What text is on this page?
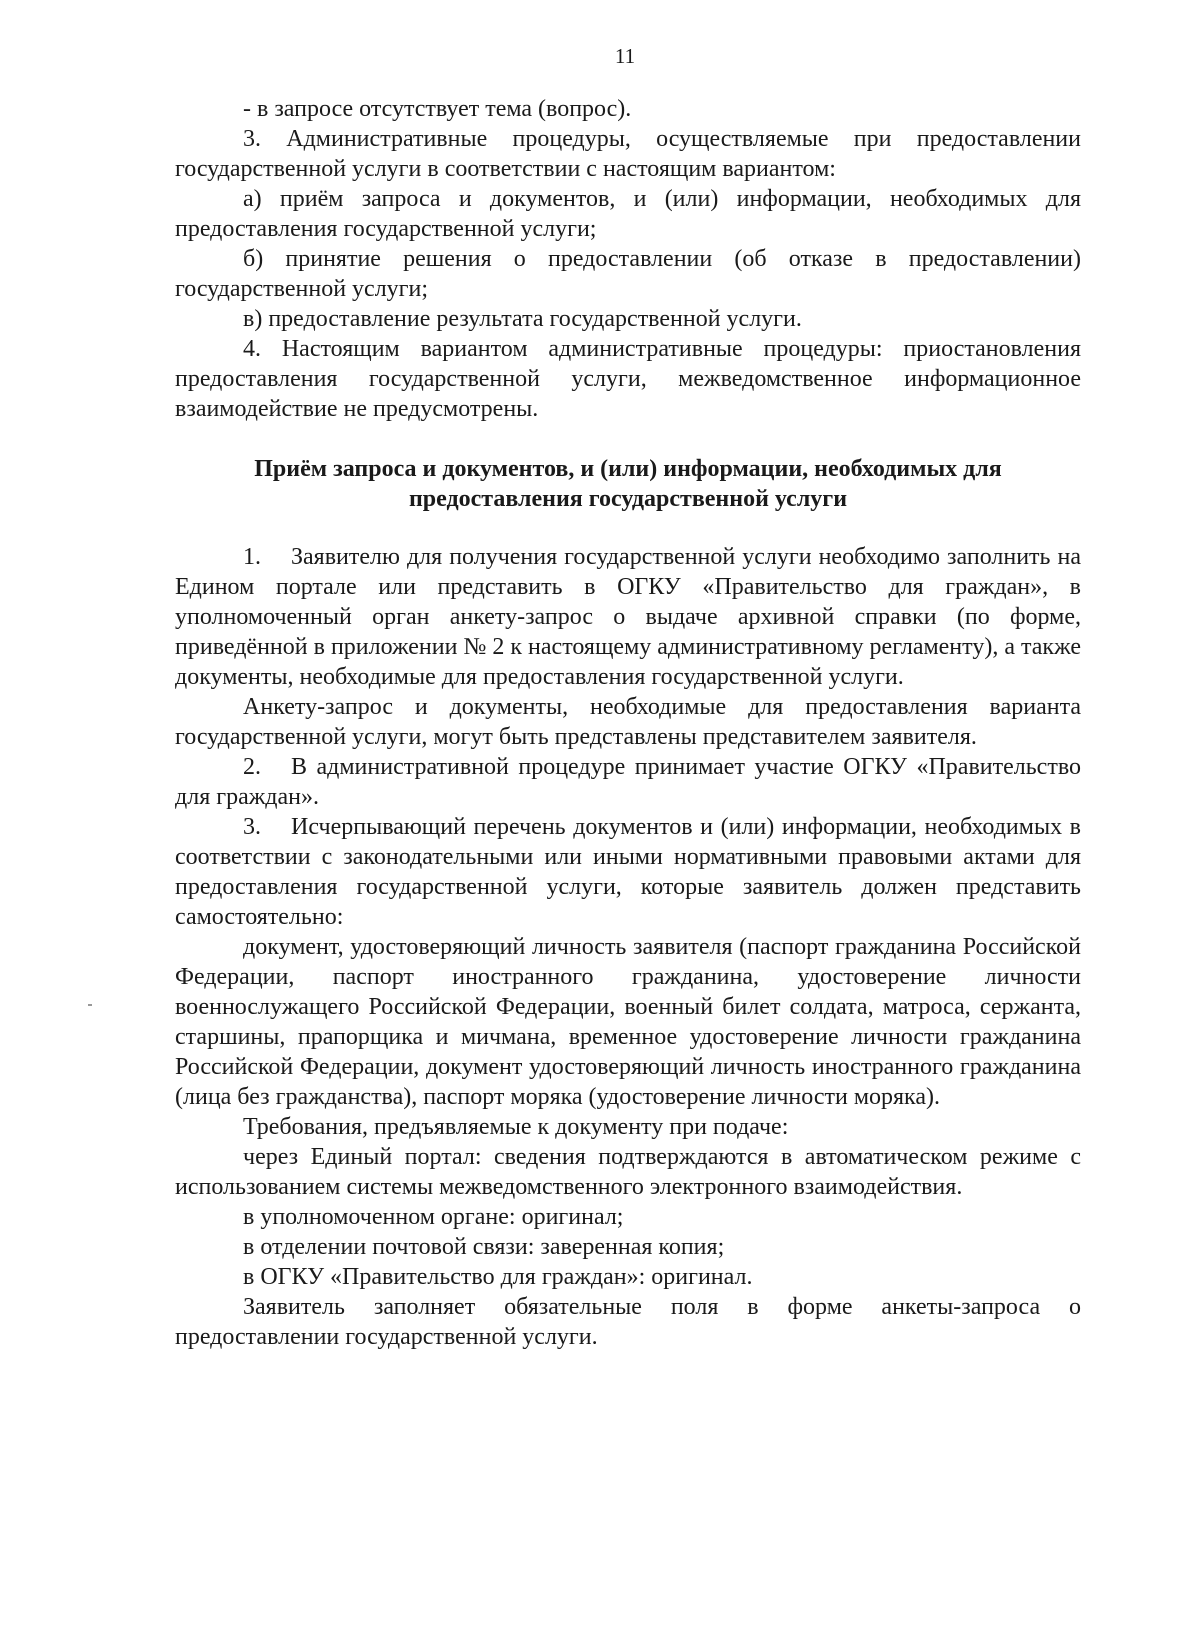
11

- в запросе отсутствует тема (вопрос).

3. Административные процедуры, осуществляемые при предоставлении государственной услуги в соответствии с настоящим вариантом:

а) приём запроса и документов, и (или) информации, необходимых для предоставления государственной услуги;

б) принятие решения о предоставлении (об отказе в предоставлении) государственной услуги;

в) предоставление результата государственной услуги.

4. Настоящим вариантом административные процедуры: приостановления предоставления государственной услуги, межведомственное информационное взаимодействие не предусмотрены.

Приём запроса и документов, и (или) информации, необходимых для предоставления государственной услуги

1. Заявителю для получения государственной услуги необходимо заполнить на Едином портале или представить в ОГКУ «Правительство для граждан», в уполномоченный орган анкету-запрос о выдаче архивной справки (по форме, приведённой в приложении № 2 к настоящему административному регламенту), а также документы, необходимые для предоставления государственной услуги.

Анкету-запрос и документы, необходимые для предоставления варианта государственной услуги, могут быть представлены представителем заявителя.

2. В административной процедуре принимает участие ОГКУ «Правительство для граждан».

3. Исчерпывающий перечень документов и (или) информации, необходимых в соответствии с законодательными или иными нормативными правовыми актами для предоставления государственной услуги, которые заявитель должен представить самостоятельно:

документ, удостоверяющий личность заявителя (паспорт гражданина Российской Федерации, паспорт иностранного гражданина, удостоверение личности военнослужащего Российской Федерации, военный билет солдата, матроса, сержанта, старшины, прапорщика и мичмана, временное удостоверение личности гражданина Российской Федерации, документ удостоверяющий личность иностранного гражданина (лица без гражданства), паспорт моряка (удостоверение личности моряка).

Требования, предъявляемые к документу при подаче:

через Единый портал: сведения подтверждаются в автоматическом режиме с использованием системы межведомственного электронного взаимодействия.

в уполномоченном органе: оригинал;

в отделении почтовой связи: заверенная копия;

в ОГКУ «Правительство для граждан»: оригинал.

Заявитель заполняет обязательные поля в форме анкеты-запроса о предоставлении государственной услуги.
